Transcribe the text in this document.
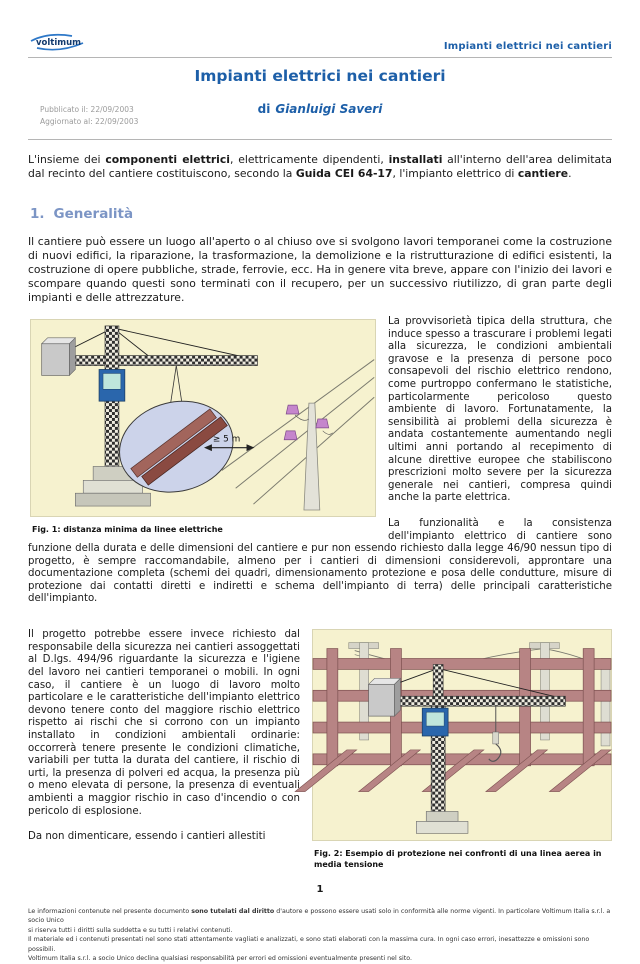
voltimum	Impianti elettrici nei cantieri
Impianti elettrici nei cantieri
di Gianluigi Saveri
Pubblicato il: 22/09/2003
Aggiornato al: 22/09/2003

L'insieme dei componenti elettrici, elettricamente dipendenti, installati all'interno dell'area delimitata dal recinto del cantiere costituiscono, secondo la Guida CEI 64-17, l'impianto elettrico di cantiere.

1. Generalità

Il cantiere può essere un luogo all'aperto o al chiuso ove si svolgono lavori temporanei come la costruzione di nuovi edifici, la riparazione, la trasformazione, la demolizione e la ristrutturazione di edifici esistenti, la costruzione di opere pubbliche, strade, ferrovie, ecc. Ha in genere vita breve, appare con l'inizio dei lavori e scompare quando questi sono terminati con il recupero, per un successivo riutilizzo, di gran parte degli impianti e delle attrezzature.

≥ 5 m
Fig. 1: distanza minima da linee elettriche

La provvisorietà tipica della struttura, che induce spesso a trascurare i problemi legati alla sicurezza, le condizioni ambientali gravose e la presenza di persone poco consapevoli del rischio elettrico rendono, come purtroppo confermano le statistiche, particolarmente pericoloso questo ambiente di lavoro. Fortunatamente, la sensibilità ai problemi della sicurezza è andata costantemente aumentando negli ultimi anni portando al recepimento di alcune direttive europee che stabiliscono prescrizioni molto severe per la sicurezza generale nei cantieri, compresa quindi anche la parte elettrica.

La funzionalità e la consistenza dell'impianto elettrico di cantiere sono funzione della durata e delle dimensioni del cantiere e pur non essendo richiesto dalla legge 46/90 nessun tipo di progetto, è sempre raccomandabile, almeno per i cantieri di dimensioni considerevoli, approntare una documentazione completa (schemi dei quadri, dimensionamento protezione e posa delle condutture, misure di protezione dai contatti diretti e indiretti e schema dell'impianto di terra) delle principali caratteristiche dell'impianto.

Fig. 2: Esempio di protezione nei confronti di una linea aerea in media tensione

Il progetto potrebbe essere invece richiesto dal responsabile della sicurezza nei cantieri assoggettati al D.lgs. 494/96 riguardante la sicurezza e l'igiene del lavoro nei cantieri temporanei o mobili. In ogni caso, il cantiere è un luogo di lavoro molto particolare e le caratteristiche dell'impianto elettrico devono tenere conto del maggiore rischio elettrico rispetto ai rischi che si corrono con un impianto installato in condizioni ambientali ordinarie: occorrerà tenere presente le condizioni climatiche, variabili per tutta la durata del cantiere, il rischio di urti, la presenza di polveri ed acqua, la presenza più o meno elevata di persone, la presenza di eventuali ambienti a maggior rischio in caso d'incendio o con pericolo di esplosione.

Da non dimenticare, essendo i cantieri allestiti

1
Le informazioni contenute nel presente documento sono tutelati dal diritto d'autore e possono essere usati solo in conformità alle norme vigenti. In particolare Voltimum Italia s.r.l. a socio Unico
si riserva tutti i diritti sulla suddetta e su tutti i relativi contenuti.
Il materiale ed i contenuti presentati nel sono stati attentamente vagliati e analizzati, e sono stati elaborati con la massima cura. In ogni caso errori, inesattezze e omissioni sono possibili.
Voltimum Italia s.r.l. a socio Unico declina qualsiasi responsabilità per errori ed omissioni eventualmente presenti nel sito.
